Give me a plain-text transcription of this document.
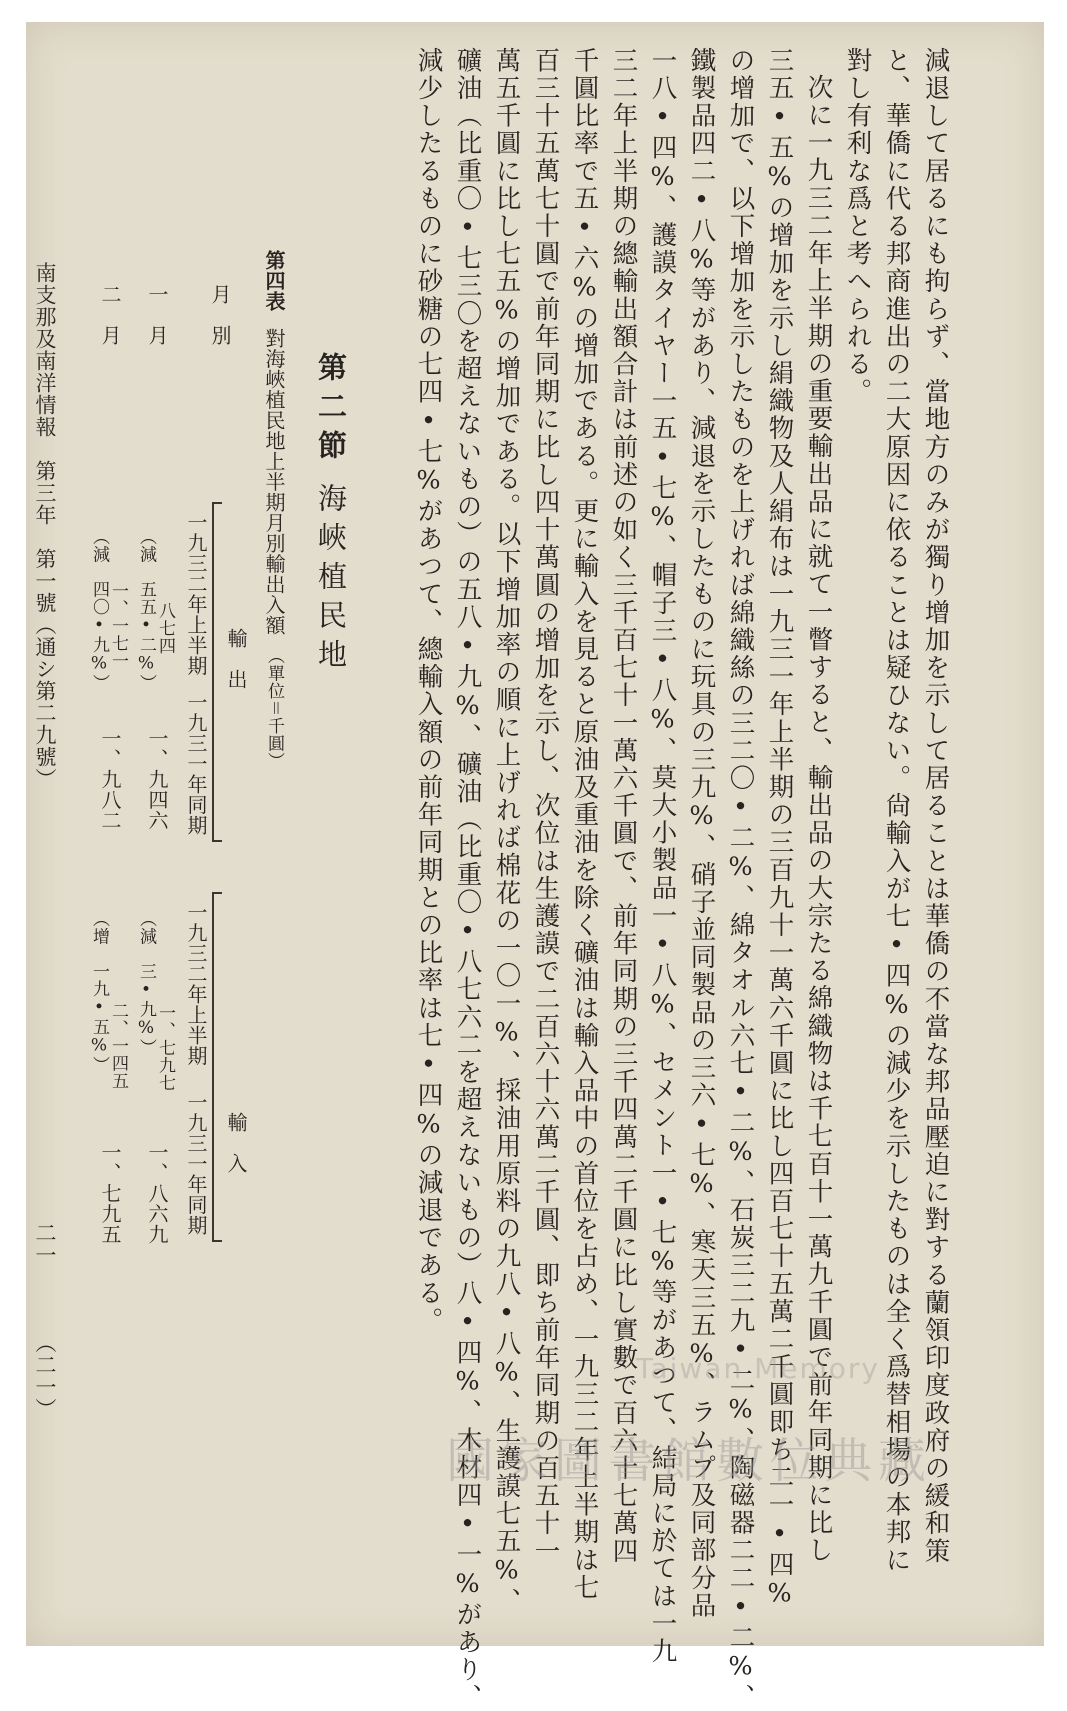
減退して居るにも拘らず、當地方のみが獨り增加を示して居ることは華僑の不當な邦品壓迫に對する蘭領印度政府の緩和策
と、華僑に代る邦商進出の二大原因に依ることは疑ひない。尙輸入が七•四%の減少を示したものは全く爲替相場の本邦に
對し有利な爲と考へられる。
次に一九三二年上半期の重要輸出品に就て一瞥すると、輸出品の大宗たる綿織物は千七百十一萬九千圓で前年同期に比し
三五•五%の增加を示し絹織物及人絹布は一九三一年上半期の三百九十一萬六千圓に比し四百七十五萬二千圓即ち二一•四%
の增加で、以下增加を示したものを上げれば綿織絲の三二〇•二%、綿タオル六七•二%、石炭三二九•二%、陶磁器二二•二%、
鐵製品四二•八%等があり、減退を示したものに玩具の三九%、硝子並同製品の三六•七%、寒天三五%、ラムプ及同部分品
一八•四%、護謨タイヤー一五•七%、帽子三•八%、莫大小製品一•八%、セメント一•七%等があつて、結局に於ては一九
三二年上半期の總輸出額合計は前述の如く三千百七十一萬六千圓で、前年同期の三千四萬二千圓に比し實數で百六十七萬四
千圓比率で五•六%の增加である。更に輸入を見ると原油及重油を除く礦油は輸入品中の首位を占め、一九三二年上半期は七
百三十五萬七十圓で前年同期に比し四十萬圓の增加を示し、次位は生護謨で二百六十六萬二千圓、即ち前年同期の百五十一
萬五千圓に比し七五%の增加である。以下增加率の順に上げれば棉花の一〇一%、採油用原料の九八•八%、生護謨七五%、
礦油（比重〇•七三〇を超えないもの）の五八•九%、礦油（比重〇•八七六二を超えないもの）八•四%、木材四•一%があり、
減少したるものに砂糖の七四•七%があつて、總輸入額の前年同期との比率は七•四%の減退である。
第二節海峽植民地
第四表對海峽植民地上半期月別輸出入額（單位＝千圓）
月　別
輸　出
一九三二年上半期
一九三一年同期
輸　入
一九三二年上半期
一九三一年同期
一　月
八七四
（減　五五•二%）
一、九四六
一、七九七
（減　三•九%）
一、八六九
二　月
一、一七一
（減　四〇•九%）
一、九八二
二、一四五
（增　一九•五%）
一、七九五
南支那及南洋情報　第三年　第一號（通シ第二九號）
二一
（二一）
國家圖書館數位典藏
Taiwan Memory
